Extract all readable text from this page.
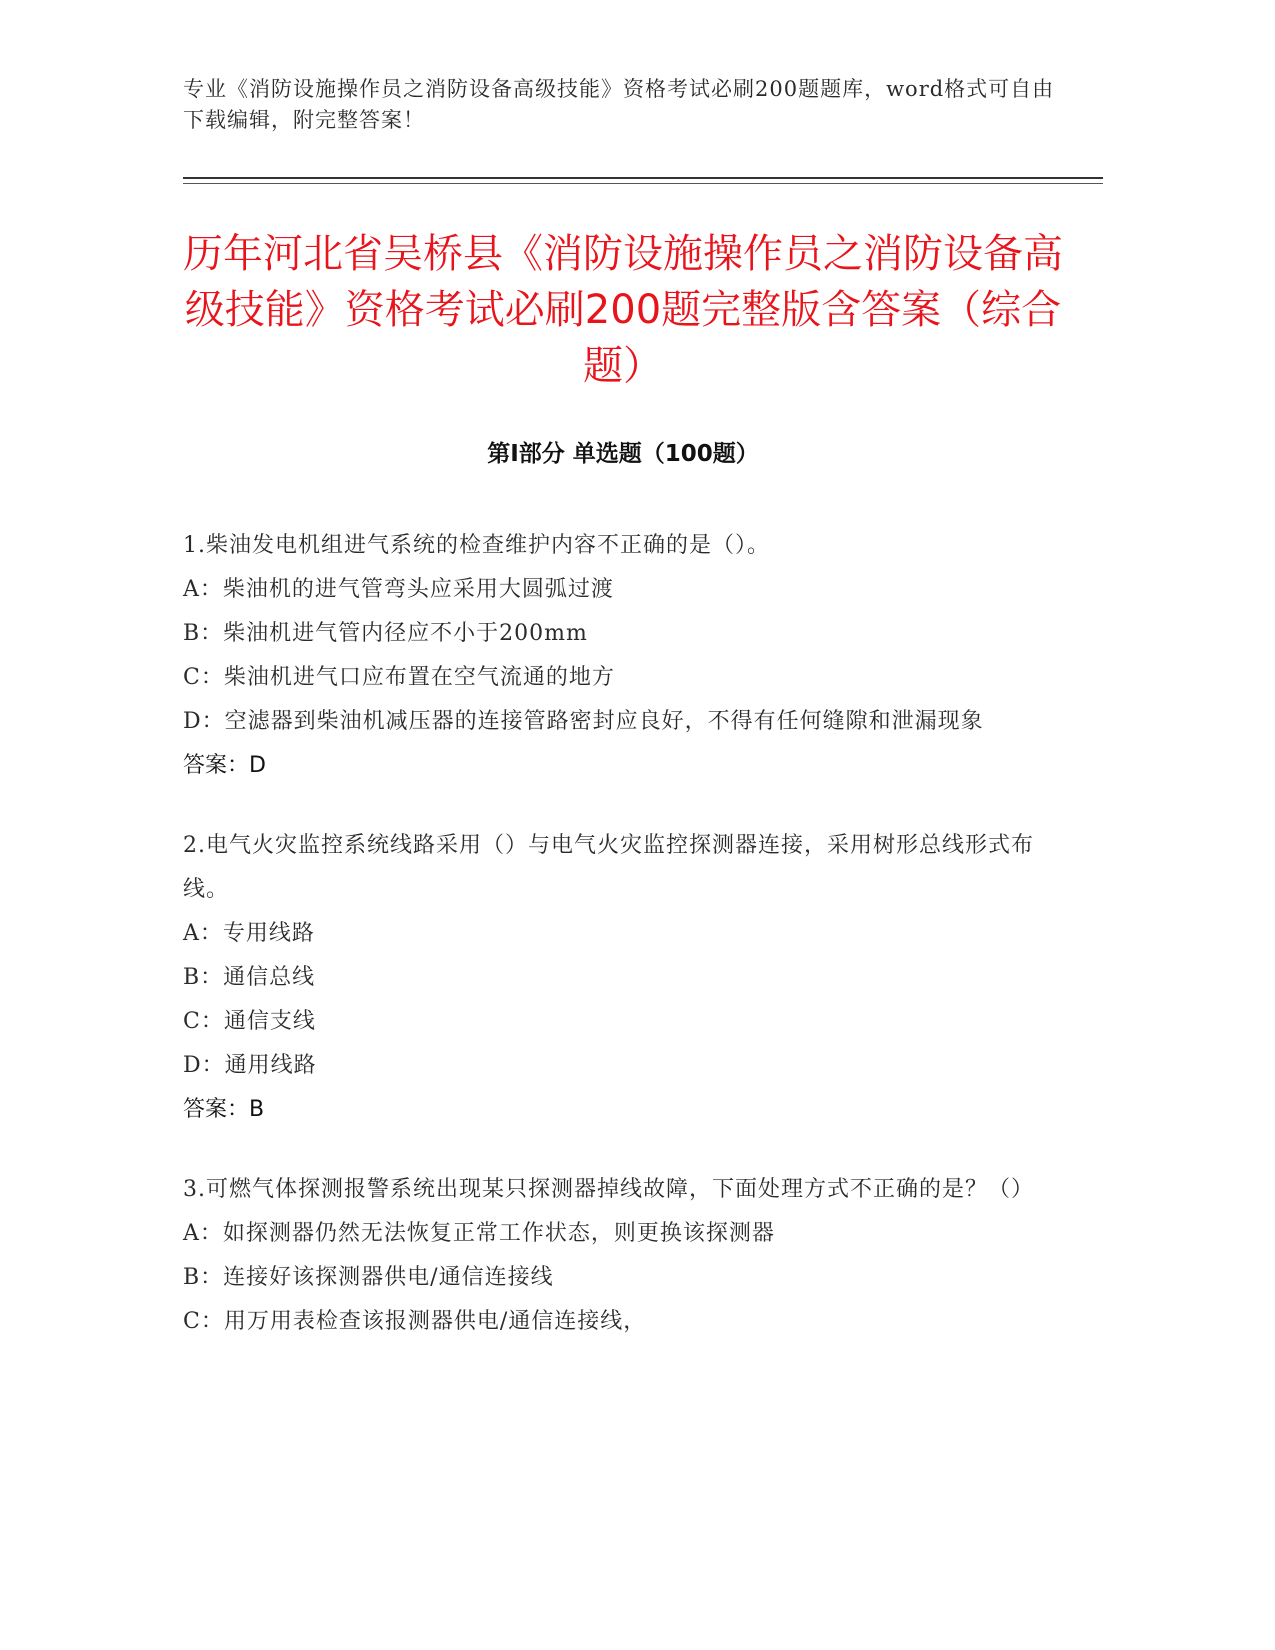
专业《消防设施操作员之消防设备高级技能》资格考试必刷200题题库，word格式可自由下载编辑，附完整答案！
历年河北省吴桥县《消防设施操作员之消防设备高级技能》资格考试必刷200题完整版含答案（综合题）
第Ⅰ部分 单选题（100题）
1.柴油发电机组进气系统的检查维护内容不正确的是（）。
A：柴油机的进气管弯头应采用大圆弧过渡
B：柴油机进气管内径应不小于200mm
C：柴油机进气口应布置在空气流通的地方
D：空滤器到柴油机减压器的连接管路密封应良好，不得有任何缝隙和泄漏现象
答案：D
2.电气火灾监控系统线路采用（）与电气火灾监控探测器连接，采用树形总线形式布线。
A：专用线路
B：通信总线
C：通信支线
D：通用线路
答案：B
3.可燃气体探测报警系统出现某只探测器掉线故障，下面处理方式不正确的是？（）
A：如探测器仍然无法恢复正常工作状态，则更换该探测器
B：连接好该探测器供电/通信连接线
C：用万用表检查该报测器供电/通信连接线，
